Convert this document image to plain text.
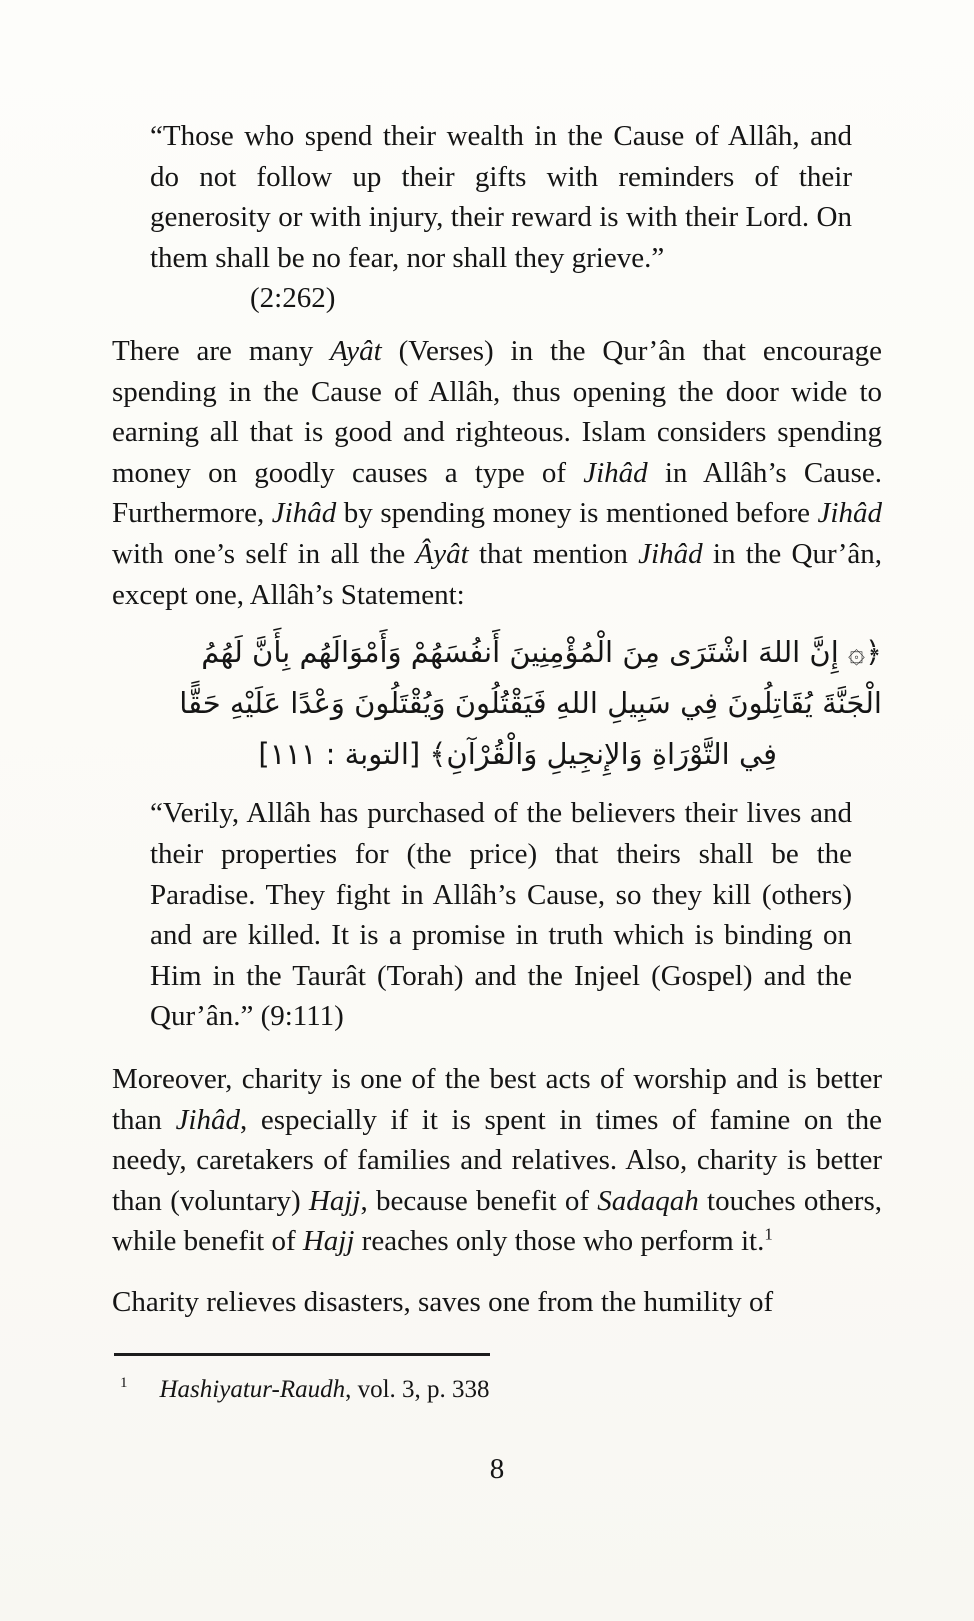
“Those who spend their wealth in the Cause of Allâh, and do not follow up their gifts with reminders of their generosity or with injury, their reward is with their Lord. On them shall be no fear, nor shall they grieve.”

(2:262)

There are many Ayât (Verses) in the Qur’ân that encourage spending in the Cause of Allâh, thus opening the door wide to earning all that is good and righteous. Islam considers spending money on goodly causes a type of Jihâd in Allâh’s Cause. Furthermore, Jihâd by spending money is mentioned before Jihâd with one’s self in all the Âyât that mention Jihâd in the Qur’ân, except one, Allâh’s Statement:

﴿۞ إِنَّ اللهَ اشْتَرَى مِنَ الْمُؤْمِنِينَ أَنفُسَهُمْ وَأَمْوَالَهُم بِأَنَّ لَهُمُ

الْجَنَّةَ يُقَاتِلُونَ فِي سَبِيلِ اللهِ فَيَقْتُلُونَ وَيُقْتَلُونَ وَعْدًا عَلَيْهِ حَقًّا

فِي التَّوْرَاةِ وَالإِنجِيلِ وَالْقُرْآنِ﴾ [التوبة : ١١١]

“Verily, Allâh has purchased of the believers their lives and their properties for (the price) that theirs shall be the Paradise. They fight in Allâh’s Cause, so they kill (others) and are killed. It is a promise in truth which is binding on Him in the Taurât (Torah) and the Injeel (Gospel) and the Qur’ân.” (9:111)

Moreover, charity is one of the best acts of worship and is better than Jihâd, especially if it is spent in times of famine on the needy, caretakers of families and relatives. Also, charity is better than (voluntary) Hajj, because benefit of Sadaqah touches others, while benefit of Hajj reaches only those who perform it.$^1$

Charity relieves disasters, saves one from the humility of

$^1$ Hashiyatur-Raudh, vol. 3, p. 338

8
